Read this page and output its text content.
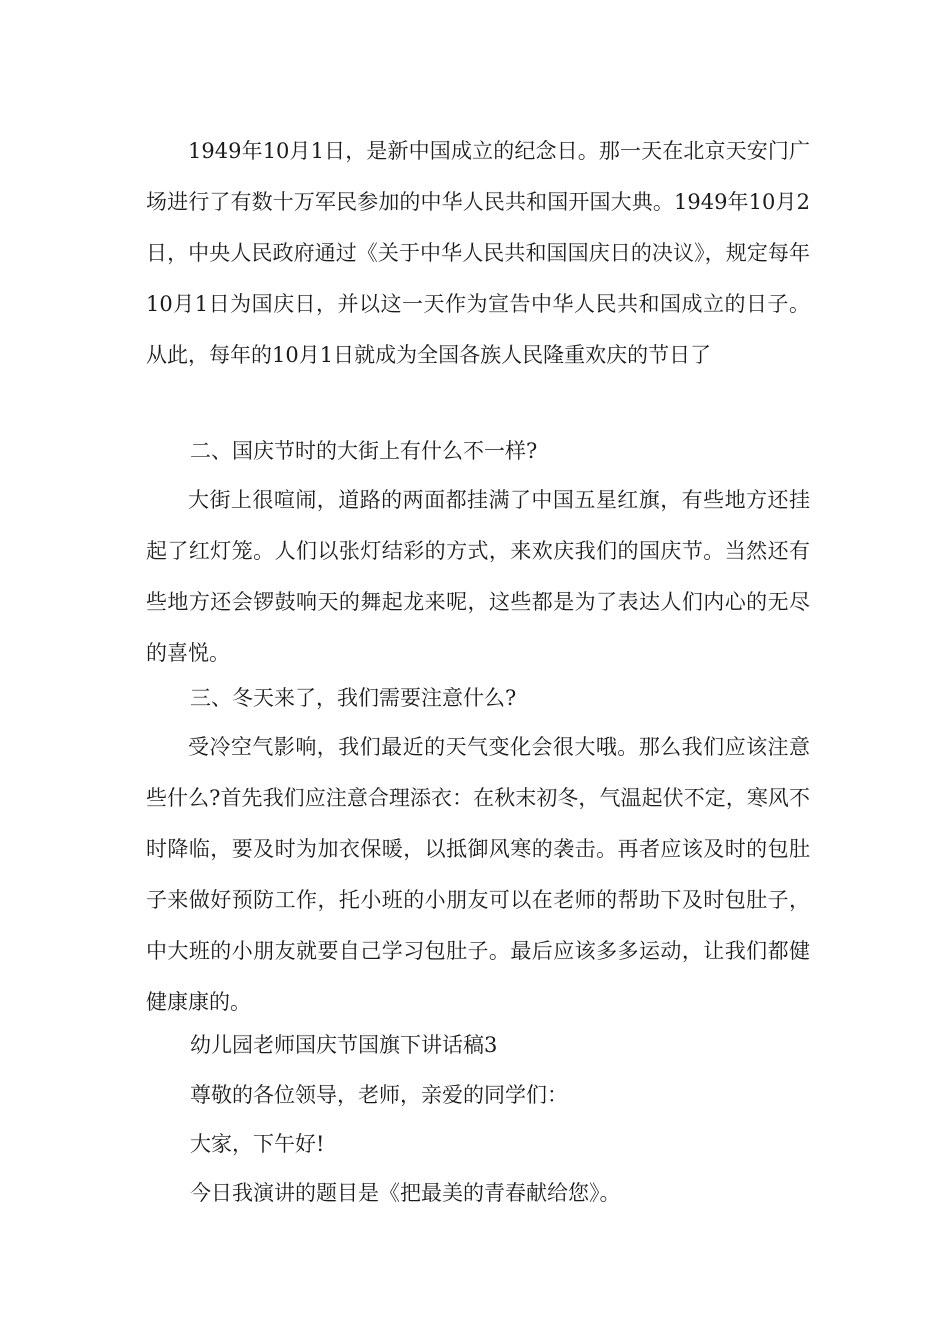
1949年10月1日，是新中国成立的纪念日。那一天在北京天安门广场进行了有数十万军民参加的中华人民共和国开国大典。1949年10月2日，中央人民政府通过《关于中华人民共和国国庆日的决议》，规定每年10月1日为国庆日，并以这一天作为宣告中华人民共和国成立的日子。从此，每年的10月1日就成为全国各族人民隆重欢庆的节日了

二、国庆节时的大街上有什么不一样?

大街上很喧闹，道路的两面都挂满了中国五星红旗，有些地方还挂起了红灯笼。人们以张灯结彩的方式，来欢庆我们的国庆节。当然还有些地方还会锣鼓响天的舞起龙来呢，这些都是为了表达人们内心的无尽的喜悦。

三、冬天来了，我们需要注意什么?

受冷空气影响，我们最近的天气变化会很大哦。那么我们应该注意些什么?首先我们应注意合理添衣：在秋末初冬，气温起伏不定，寒风不时降临，要及时为加衣保暖，以抵御风寒的袭击。再者应该及时的包肚子来做好预防工作，托小班的小朋友可以在老师的帮助下及时包肚子，中大班的小朋友就要自己学习包肚子。最后应该多多运动，让我们都健健康康的。

幼儿园老师国庆节国旗下讲话稿3

尊敬的各位领导，老师，亲爱的同学们：

大家，下午好!

今日我演讲的题目是《把最美的青春献给您》。
